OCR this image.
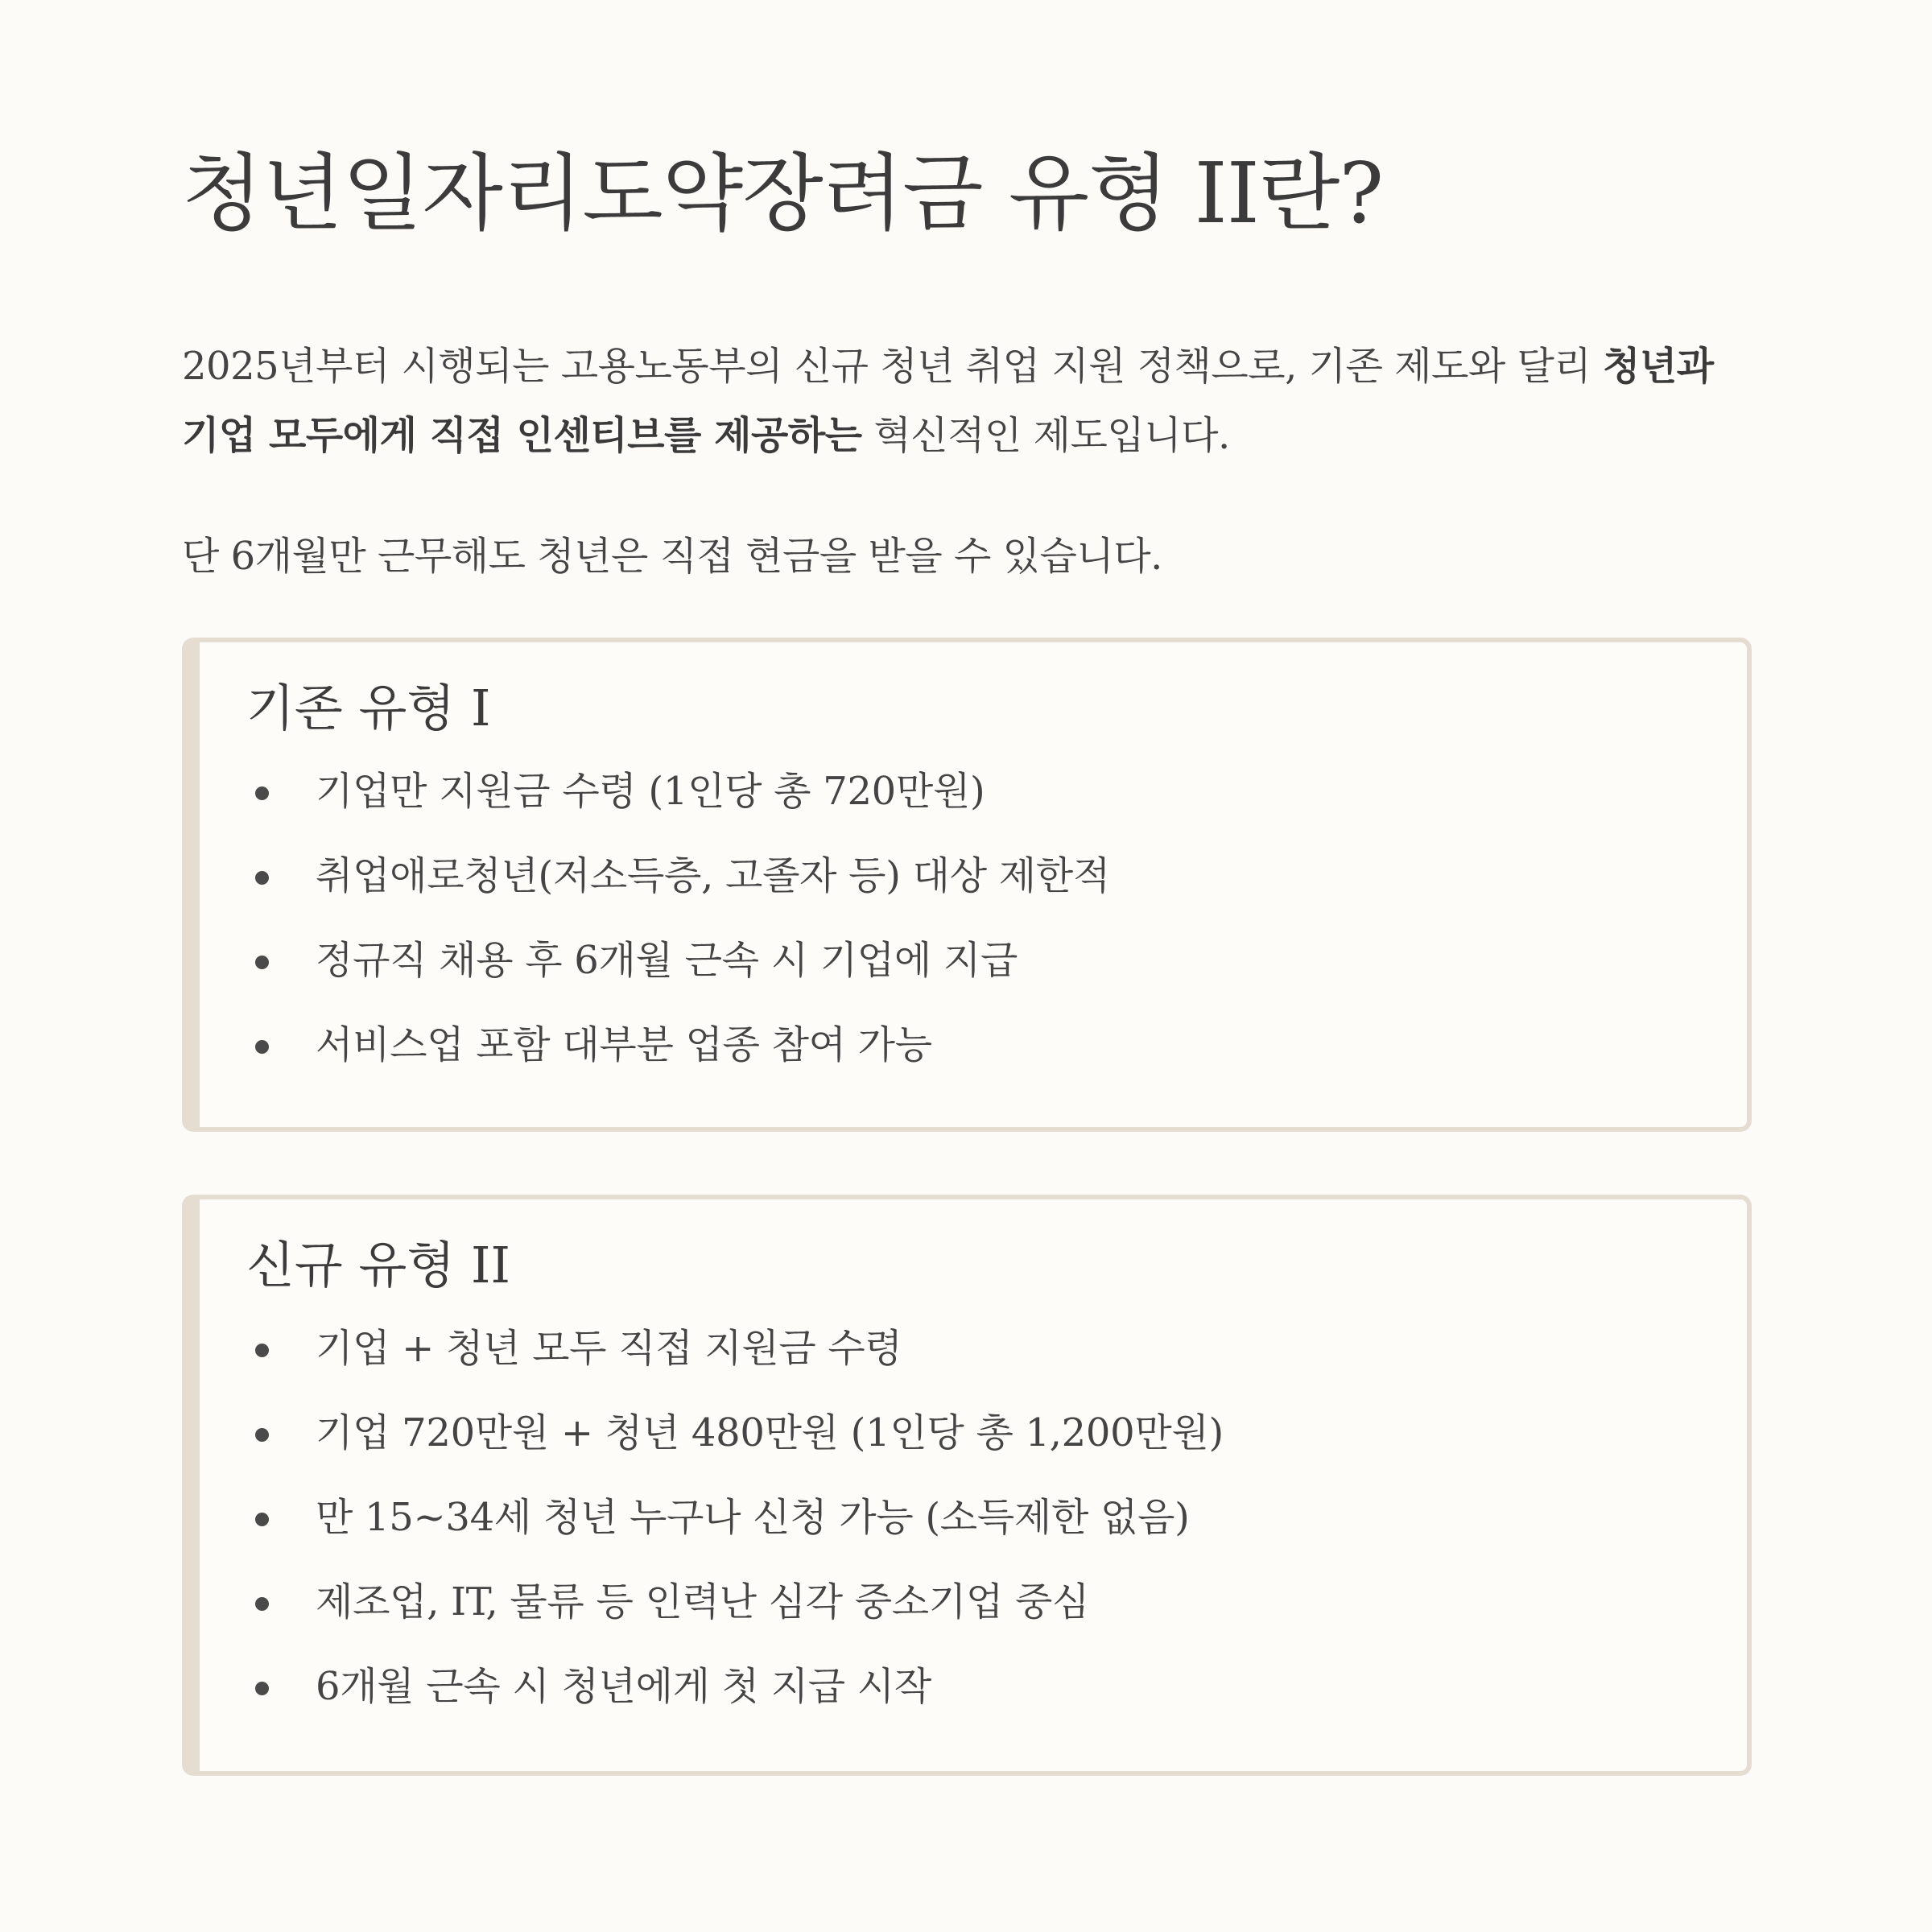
청년일자리도약장려금 유형 II란?

2025년부터 시행되는 고용노동부의 신규 청년 취업 지원 정책으로, 기존 제도와 달리 청년과 기업 모두에게 직접 인센티브를 제공하는 혁신적인 제도입니다.

단 6개월만 근무해도 청년은 직접 현금을 받을 수 있습니다.

기존 유형 I
기업만 지원금 수령 (1인당 총 720만원)
취업애로청년(저소득층, 고졸자 등) 대상 제한적
정규직 채용 후 6개월 근속 시 기업에 지급
서비스업 포함 대부분 업종 참여 가능
신규 유형 II
기업 + 청년 모두 직접 지원금 수령
기업 720만원 + 청년 480만원 (1인당 총 1,200만원)
만 15~34세 청년 누구나 신청 가능 (소득제한 없음)
제조업, IT, 물류 등 인력난 심각 중소기업 중심
6개월 근속 시 청년에게 첫 지급 시작
